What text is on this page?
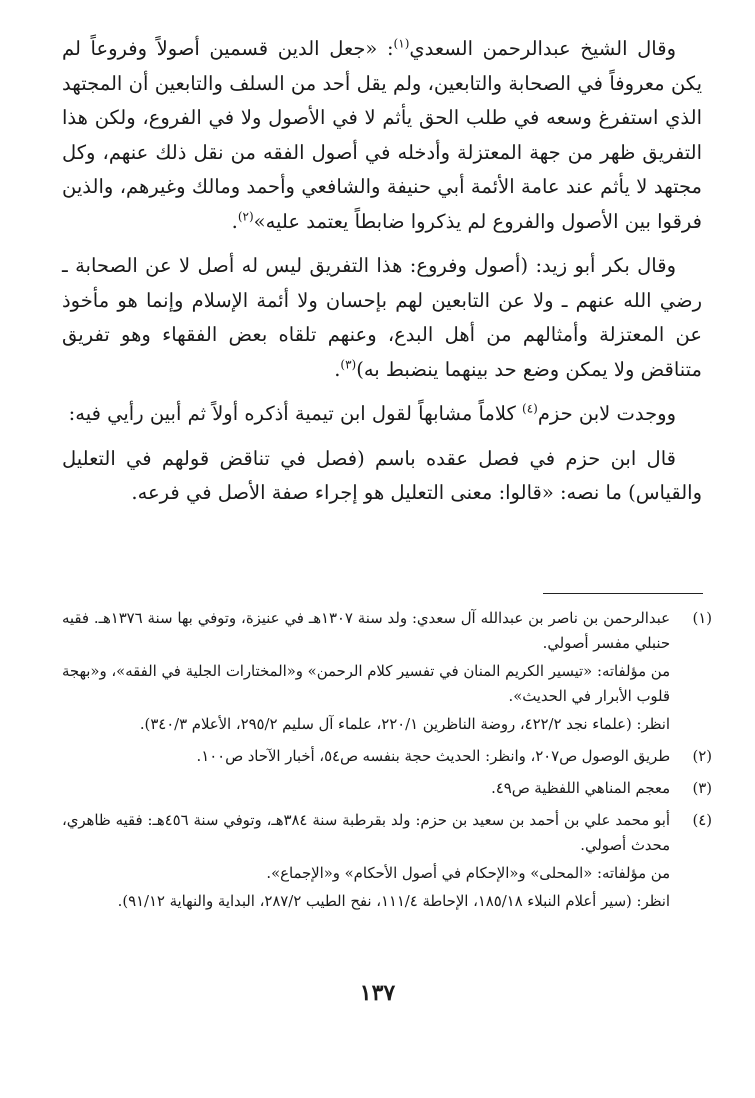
وقال الشيخ عبدالرحمن السعدي$^{(١)}$: «جعل الدين قسمين أصولاً وفروعاً لم يكن معروفاً في الصحابة والتابعين، ولم يقل أحد من السلف والتابعين أن المجتهد الذي استفرغ وسعه في طلب الحق يأثم لا في الأصول ولا في الفروع، ولكن هذا التفريق ظهر من جهة المعتزلة وأدخله في أصول الفقه من نقل ذلك عنهم، وكل مجتهد لا يأثم عند عامة الأئمة أبي حنيفة والشافعي وأحمد ومالك وغيرهم، والذين فرقوا بين الأصول والفروع لم يذكروا ضابطاً يعتمد عليه»$^{(٢)}$.

وقال بكر أبو زيد: (أصول وفروع: هذا التفريق ليس له أصل لا عن الصحابة ـ رضي الله عنهم ـ ولا عن التابعين لهم بإحسان ولا أئمة الإسلام وإنما هو مأخوذ عن المعتزلة وأمثالهم من أهل البدع، وعنهم تلقاه بعض الفقهاء وهو تفريق متناقض ولا يمكن وضع حد بينهما ينضبط به)$^{(٣)}$.

ووجدت لابن حزم$^{(٤)}$ كلاماً مشابهاً لقول ابن تيمية أذكره أولاً ثم أبين رأيي فيه:

قال ابن حزم في فصل عقده باسم (فصل في تناقض قولهم في التعليل والقياس) ما نصه: «قالوا: معنى التعليل هو إجراء صفة الأصل في فرعه.

(١)

عبدالرحمن بن ناصر بن عبدالله آل سعدي: ولد سنة ١٣٠٧هـ في عنيزة، وتوفي بها سنة ١٣٧٦هـ. فقيه حنبلي مفسر أصولي.

من مؤلفاته: «تيسير الكريم المنان في تفسير كلام الرحمن» و«المختارات الجلية في الفقه»، و«بهجة قلوب الأبرار في الحديث».

انظر: (علماء نجد ٤٢٢/٢، روضة الناظرين ٢٢٠/١، علماء آل سليم ٢٩٥/٢، الأعلام ٣٤٠/٣).

(٢)

طريق الوصول ص٢٠٧، وانظر: الحديث حجة بنفسه ص٥٤، أخبار الآحاد ص١٠٠.

(٣)

معجم المناهي اللفظية ص٤٩.

(٤)

أبو محمد علي بن أحمد بن سعيد بن حزم: ولد بقرطبة سنة ٣٨٤هـ، وتوفي سنة ٤٥٦هـ: فقيه ظاهري، محدث أصولي.

من مؤلفاته: «المحلى» و«الإحكام في أصول الأحكام» و«الإجماع».

انظر: (سير أعلام النبلاء ١٨٥/١٨، الإحاطة ١١١/٤، نفح الطيب ٢٨٧/٢، البداية والنهاية ٩١/١٢).

١٣٧
